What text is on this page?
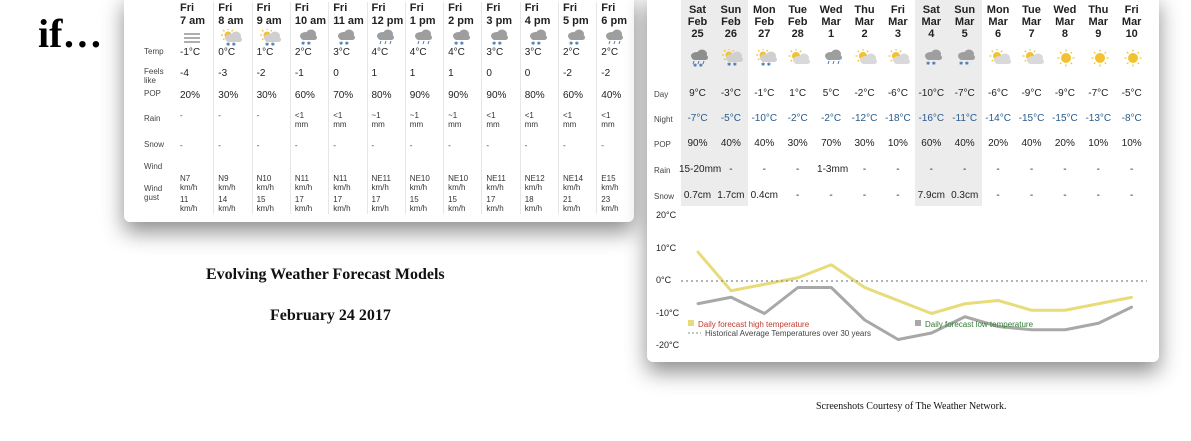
if…	Temp
Feels like
POP
Rain
Snow
Wind
Wind gust
Fri
7 am
-1°C
-4
20%
-
-
N7
km/h
11
km/h
Fri
8 am
✱ ✱
0°C
-3
30%
-
-
N9
km/h
14
km/h
Fri
9 am
✱ ✱
1°C
-2
30%
-
-
N10
km/h
15
km/h
Fri
10 am
✱ ✱
2°C
-1
60%
<1
mm
-
N11
km/h
17
km/h
Fri
11 am
✱ ✱
3°C
0
70%
<1
mm
-
N11
km/h
17
km/h
Fri
12 pm
4°C
1
80%
~1
mm
-
NE11
km/h
17
km/h
Fri
1 pm
4°C
1
90%
~1
mm
-
NE10
km/h
15
km/h
Fri
2 pm
✱ ✱
4°C
1
90%
~1
mm
-
NE10
km/h
15
km/h
Fri
3 pm
✱ ✱
3°C
0
90%
<1
mm
-
NE11
km/h
17
km/h
Fri
4 pm
✱ ✱
3°C
0
80%
<1
mm
-
NE12
km/h
18
km/h
Fri
5 pm
✱ ✱
2°C
-2
60%
<1
mm
-
NE14
km/h
21
km/h
Fri
6 pm
2°C
-2
40%
<1
mm
-
E15
km/h
23
km/h
Evolving Weather Forecast Models
February 24 2017
Day
Night
POP
Rain
Snow
Sat
Feb
25
✱ ✱
9°C
-7°C
90%
15-20mm
0.7cm
Sun
Feb
26
✱ ✱
-3°C
-5°C
40%
-
1.7cm
Mon
Feb
27
✱ ✱
-1°C
-10°C
40%
-
0.4cm
Tue
Feb
28
1°C
-2°C
30%
-
-
Wed
Mar
1
5°C
-2°C
70%
1-3mm
-
Thu
Mar
2
-2°C
-12°C
30%
-
-
Fri
Mar
3
-6°C
-18°C
10%
-
-
Sat
Mar
4
✱ ✱
-10°C
-16°C
60%
-
7.9cm
Sun
Mar
5
✱ ✱
-7°C
-11°C
40%
-
0.3cm
Mon
Mar
6
-6°C
-14°C
20%
-
-
Tue
Mar
7
-9°C
-15°C
40%
-
-
Wed
Mar
8
-9°C
-15°C
20%
-
-
Thu
Mar
9
-7°C
-13°C
10%
-
-
Fri
Mar
10
-5°C
-8°C
10%
-
-
Daily forecast high temperature	Daily forecast low temperature
Historical Average Temperatures over 30 years
20°C
10°C
0°C
-10°C
-20°C
Screenshots Courtesy of The Weather Network.
